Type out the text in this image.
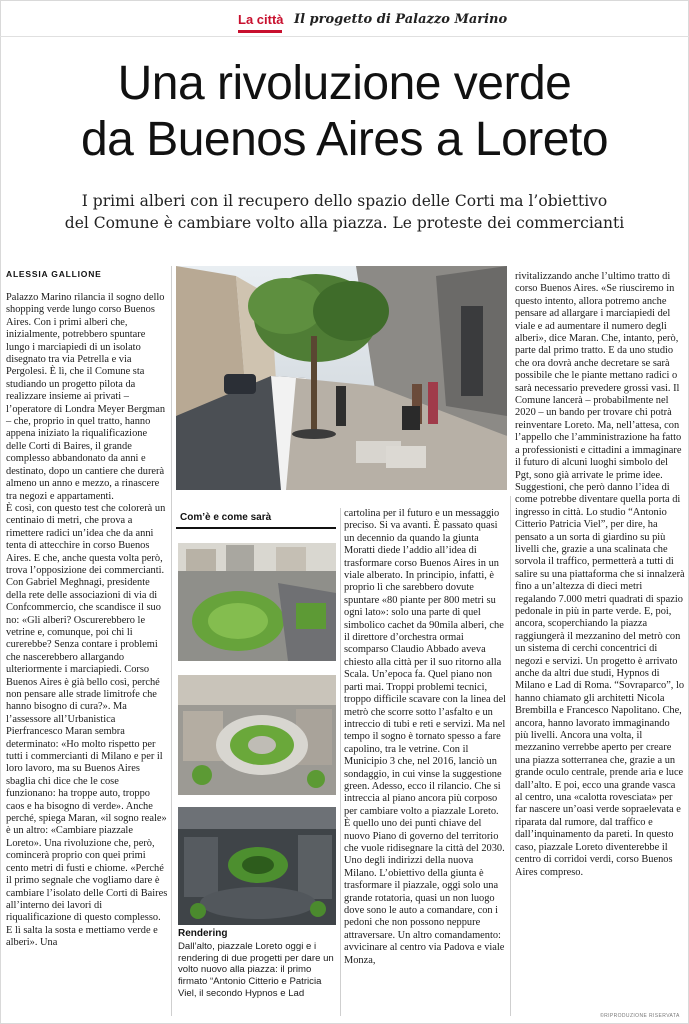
La città Il progetto di Palazzo Marino
Una rivoluzione verde
da Buenos Aires a Loreto
I primi alberi con il recupero dello spazio delle Corti ma l’obiettivo
del Comune è cambiare volto alla piazza. Le proteste dei commercianti
ALESSIA GALLIONE
Com’è e come sarà
Rendering
Dall’alto, piazzale Loreto oggi e i rendering di due progetti per dare un volto nuovo alla piazza: il primo firmato “Antonio Citterio e Patricia Viel, il secondo Hypnos e Lad

Palazzo Marino rilancia il sogno dello shopping verde lungo corso Buenos Aires. Con i primi alberi che, inizialmente, potrebbero spuntare lungo i marciapiedi di un isolato disegnato tra via Petrella e via Pergolesi. È lì, che il Comune sta studiando un progetto pilota da realizzare insieme ai privati – l’operatore di Londra Meyer Bergman – che, proprio in quel tratto, hanno appena iniziato la riqualificazione delle Corti di Baires, il grande complesso abbandonato da anni e destinato, dopo un cantiere che durerà almeno un anno e mezzo, a rinascere tra negozi e appartamenti.

È così, con questo test che colorerà un centinaio di metri, che prova a rimettere radici un’idea che da anni tenta di attecchire in corso Buenos Aires. E che, anche questa volta però, trova l’opposizione dei commercianti. Con Gabriel Meghnagi, presidente della rete delle associazioni di via di Confcommercio, che scandisce il suo no: «Gli alberi? Oscurerebbero le vetrine e, comunque, poi chi li curerebbe? Senza contare i problemi che nascerebbero allargando ulteriormente i marciapiedi. Corso Buenos Aires è già bello così, perché non pensare alle strade limitrofe che hanno bisogno di cura?». Ma l’assessore all’Urbanistica Pierfrancesco Maran sembra determinato: «Ho molto rispetto per tutti i commercianti di Milano e per il loro lavoro, ma su Buenos Aires sbaglia chi dice che le cose funzionano: ha troppe auto, troppo caos e ha bisogno di verde». Anche perché, spiega Maran, «il sogno reale» è un altro: «Cambiare piazzale Loreto». Una rivoluzione che, però, comincerà proprio con quei primi cento metri di fusti e chiome. «Perché il primo segnale che vogliamo dare è cambiare l’isolato delle Corti di Baires all’interno dei lavori di riqualificazione di questo complesso. E lì salta la sosta e mettiamo verde e alberi». Una

cartolina per il futuro e un messaggio preciso. Si va avanti. È passato quasi un decennio da quando la giunta Moratti diede l’addio all’idea di trasformare corso Buenos Aires in un viale alberato. In principio, infatti, è proprio lì che sarebbero dovute spuntare «80 piante per 800 metri su ogni lato»: solo una parte di quel simbolico cachet da 90mila alberi, che il direttore d’orchestra ormai scomparso Claudio Abbado aveva chiesto alla città per il suo ritorno alla Scala. Un’epoca fa. Quel piano non partì mai. Troppi problemi tecnici, troppo difficile scavare con la linea del metrò che scorre sotto l’asfalto e un intreccio di tubi e reti e servizi. Ma nel tempo il sogno è tornato spesso a fare capolino, tra le vetrine. Con il Municipio 3 che, nel 2016, lanciò un sondaggio, in cui vinse la suggestione green. Adesso, ecco il rilancio. Che si intreccia al piano ancora più corposo per cambiare volto a piazzale Loreto. È quello uno dei punti chiave del nuovo Piano di governo del territorio che vuole ridisegnare la città del 2030. Uno degli indirizzi della nuova Milano. L’obiettivo della giunta è trasformare il piazzale, oggi solo una grande rotatoria, quasi un non luogo dove sono le auto a comandare, con i pedoni che non possono neppure attraversare. Un altro comandamento: avvicinare al centro via Padova e viale Monza,

rivitalizzando anche l’ultimo tratto di corso Buenos Aires. «Se riusciremo in questo intento, allora potremo anche pensare ad allargare i marciapiedi del viale e ad aumentare il numero degli alberi», dice Maran. Che, intanto, però, parte dal primo tratto. E da uno studio che ora dovrà anche decretare se sarà possibile che le piante mettano radici o sarà necessario prevedere grossi vasi. Il Comune lancerà – probabilmente nel 2020 – un bando per trovare chi potrà reinventare Loreto. Ma, nell’attesa, con l’appello che l’amministrazione ha fatto a professionisti e cittadini a immaginare il futuro di alcuni luoghi simbolo del Pgt, sono già arrivate le prime idee. Suggestioni, che però danno l’idea di come potrebbe diventare quella porta di ingresso in città. Lo studio “Antonio Citterio Patricia Viel”, per dire, ha pensato a un sorta di giardino su più livelli che, grazie a una scalinata che sorvola il traffico, permetterà a tutti di salire su una piattaforma che si innalzerà fino a un’altezza di dieci metri regalando 7.000 metri quadrati di spazio pedonale in più in parte verde. E, poi, ancora, scoperchiando la piazza raggiungerà il mezzanino del metrò con un sistema di cerchi concentrici di negozi e servizi. Un progetto è arrivato anche da altri due studi, Hypnos di Milano e Lad di Roma. “Sovraparco”, lo hanno chiamato gli architetti Nicola Brembilla e Francesco Napolitano. Che, ancora, hanno lavorato immaginando più livelli. Ancora una volta, il mezzanino verrebbe aperto per creare una piazza sotterranea che, grazie a un grande oculo centrale, prende aria e luce dall’alto. E poi, ecco una grande vasca al centro, una «calotta rovesciata» per far nascere un’oasi verde sopraelevata e riparata dal rumore, dal traffico e dall’inquinamento da pareti. In questo caso, piazzale Loreto diventerebbe il centro di corridoi verdi, corso Buenos Aires compreso.

©RIPRODUZIONE RISERVATA
